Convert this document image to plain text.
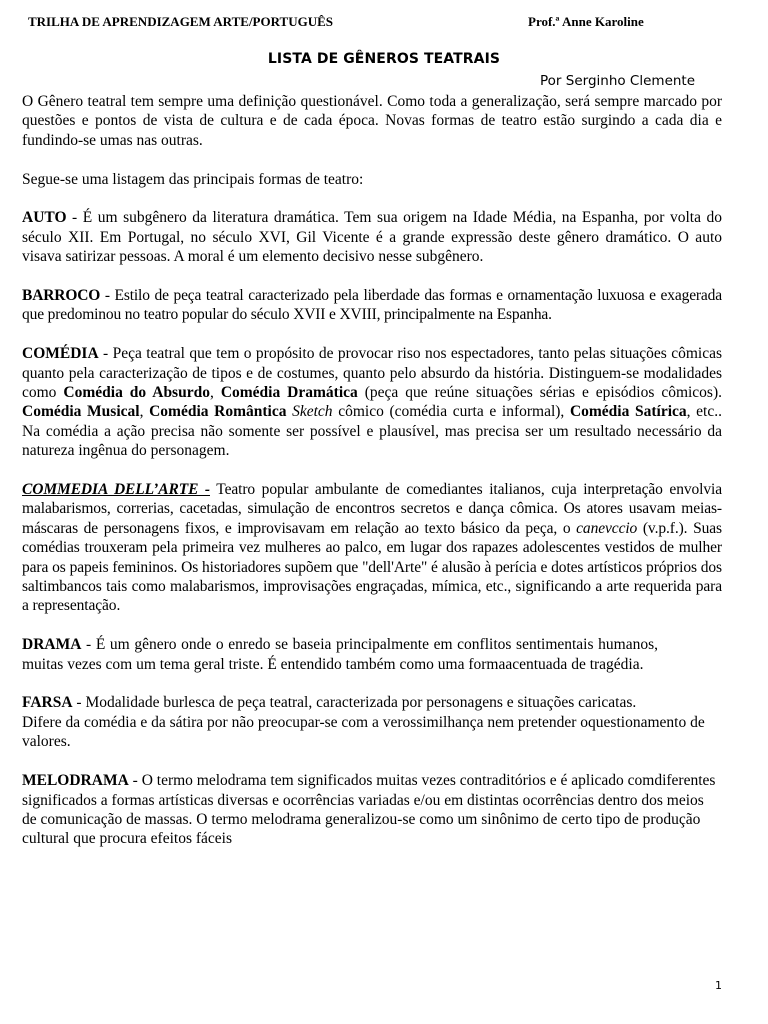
TRILHA DE APRENDIZAGEM ARTE/PORTUGUÊS	Prof.ª Anne Karoline
LISTA DE GÊNEROS TEATRAIS
Por Serginho Clemente

O Gênero teatral tem sempre uma definição questionável. Como toda a generalização, será sempre marcado por questões e pontos de vista de cultura e de cada época. Novas formas de teatro estão surgindo a cada dia e fundindo-se umas nas outras.

Segue-se uma listagem das principais formas de teatro:

AUTO - É um subgênero da literatura dramática. Tem sua origem na Idade Média, na Espanha, por volta do século XII. Em Portugal, no século XVI, Gil Vicente é a grande expressão deste gênero dramático. O auto visava satirizar pessoas. A moral é um elemento decisivo nesse subgênero.

BARROCO - Estilo de peça teatral caracterizado pela liberdade das formas e ornamentação luxuosa e exagerada que predominou no teatro popular do século XVII e XVIII, principalmente na Espanha.

COMÉDIA - Peça teatral que tem o propósito de provocar riso nos espectadores, tanto pelas situações cômicas quanto pela caracterização de tipos e de costumes, quanto pelo absurdo da história. Distinguem-se modalidades como Comédia do Absurdo, Comédia Dramática (peça que reúne situações sérias e episódios cômicos). Comédia Musical, Comédia Romântica Sketch cômico (comédia curta e informal), Comédia Satírica, etc.. Na comédia a ação precisa não somente ser possível e plausível, mas precisa ser um resultado necessário da natureza ingênua do personagem.

COMMEDIA DELL’ARTE - Teatro popular ambulante de comediantes italianos, cuja interpretação envolvia malabarismos, correrias, cacetadas, simulação de encontros secretos e dança cômica. Os atores usavam meias-máscaras de personagens fixos, e improvisavam em relação ao texto básico da peça, o canevccio (v.p.f.). Suas comédias trouxeram pela primeira vez mulheres ao palco, em lugar dos rapazes adolescentes vestidos de mulher para os papeis femininos. Os historiadores supõem que "dell'Arte" é alusão à perícia e dotes artísticos próprios dos saltimbancos tais como malabarismos, improvisações engraçadas, mímica, etc., significando a arte requerida para a representação.

DRAMA - É um gênero onde o enredo se baseia principalmente em conflitos sentimentais humanos, muitas vezes com um tema geral triste. É entendido também como uma formaacentuada de tragédia.

FARSA - Modalidade burlesca de peça teatral, caracterizada por personagens e situações caricatas.
Difere da comédia e da sátira por não preocupar-se com a verossimilhança nem pretender oquestionamento de valores.

MELODRAMA - O termo melodrama tem significados muitas vezes contraditórios e é aplicado comdiferentes significados a formas artísticas diversas e ocorrências variadas e/ou em distintas ocorrências dentro dos meios de comunicação de massas. O termo melodrama generalizou-se como um sinônimo de certo tipo de produção cultural que procura efeitos fáceis

1
